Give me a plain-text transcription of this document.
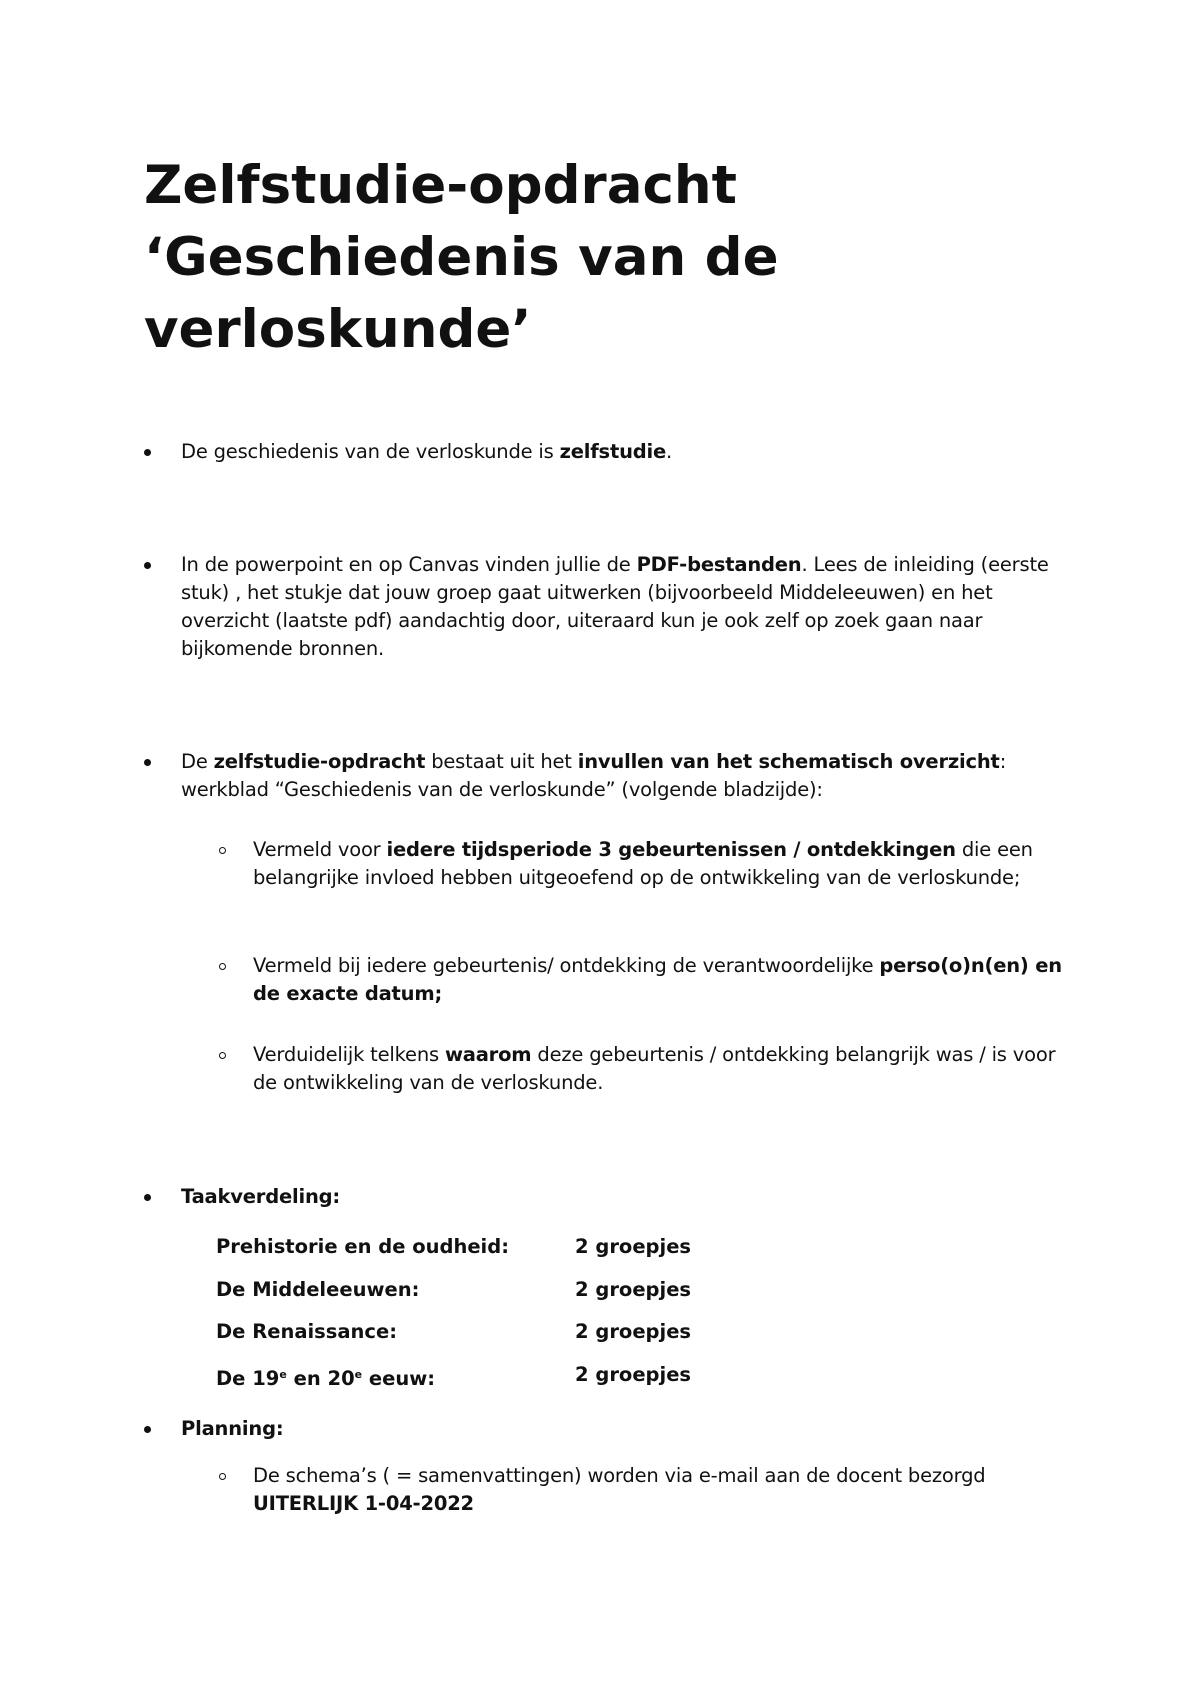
Zelfstudie-opdracht
‘Geschiedenis van de
verloskunde’
De geschiedenis van de verloskunde is zelfstudie.
In de powerpoint en op Canvas vinden jullie de PDF-bestanden. Lees de inleiding (eerste stuk) , het stukje dat jouw groep gaat uitwerken (bijvoorbeeld Middeleeuwen) en het overzicht (laatste pdf) aandachtig door, uiteraard kun je ook zelf op zoek gaan naar bijkomende bronnen.
De zelfstudie-opdracht bestaat uit het invullen van het schematisch overzicht: werkblad “Geschiedenis van de verloskunde” (volgende bladzijde):
Vermeld voor iedere tijdsperiode 3 gebeurtenissen / ontdekkingen die een belangrijke invloed hebben uitgeoefend op de ontwikkeling van de verloskunde;
Vermeld bij iedere gebeurtenis/ ontdekking de verantwoordelijke perso(o)n(en) en de exacte datum;
Verduidelijk telkens waarom deze gebeurtenis / ontdekking belangrijk was / is voor de ontwikkeling van de verloskunde.
Taakverdeling:
Prehistorie en de oudheid:	2 groepjes
De Middeleeuwen:	2 groepjes
De Renaissance:	2 groepjes
De 19e en 20e eeuw:	2 groepjes
Planning:
De schema’s ( = samenvattingen) worden via e-mail aan de docent bezorgd UITERLIJK 1-04-2022
